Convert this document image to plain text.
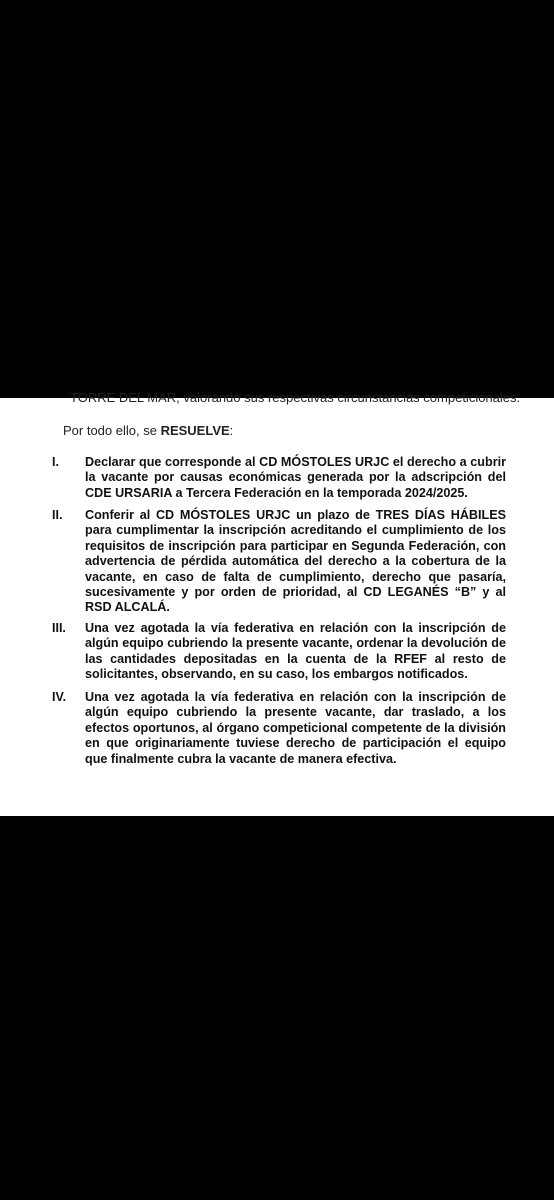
TORRE DEL MAR, valorando sus respectivas circunstancias competicionales.
Por todo ello, se RESUELVE:
I.	Declarar que corresponde al CD MÓSTOLES URJC el derecho a cubrir la vacante por causas económicas generada por la adscripción del CDE URSARIA a Tercera Federación en la temporada 2024/2025.
II.	Conferir al CD MÓSTOLES URJC un plazo de TRES DÍAS HÁBILES para cumplimentar la inscripción acreditando el cumplimiento de los requisitos de inscripción para participar en Segunda Federación, con advertencia de pérdida automática del derecho a la cobertura de la vacante, en caso de falta de cumplimiento, derecho que pasaría, sucesivamente y por orden de prioridad, al CD LEGANÉS “B” y al RSD ALCALÁ.
III.	Una vez agotada la vía federativa en relación con la inscripción de algún equipo cubriendo la presente vacante, ordenar la devolución de las cantidades depositadas en la cuenta de la RFEF al resto de solicitantes, observando, en su caso, los embargos notificados.
IV.	Una vez agotada la vía federativa en relación con la inscripción de algún equipo cubriendo la presente vacante, dar traslado, a los efectos oportunos, al órgano competicional competente de la división en que originariamente tuviese derecho de participación el equipo que finalmente cubra la vacante de manera efectiva.
